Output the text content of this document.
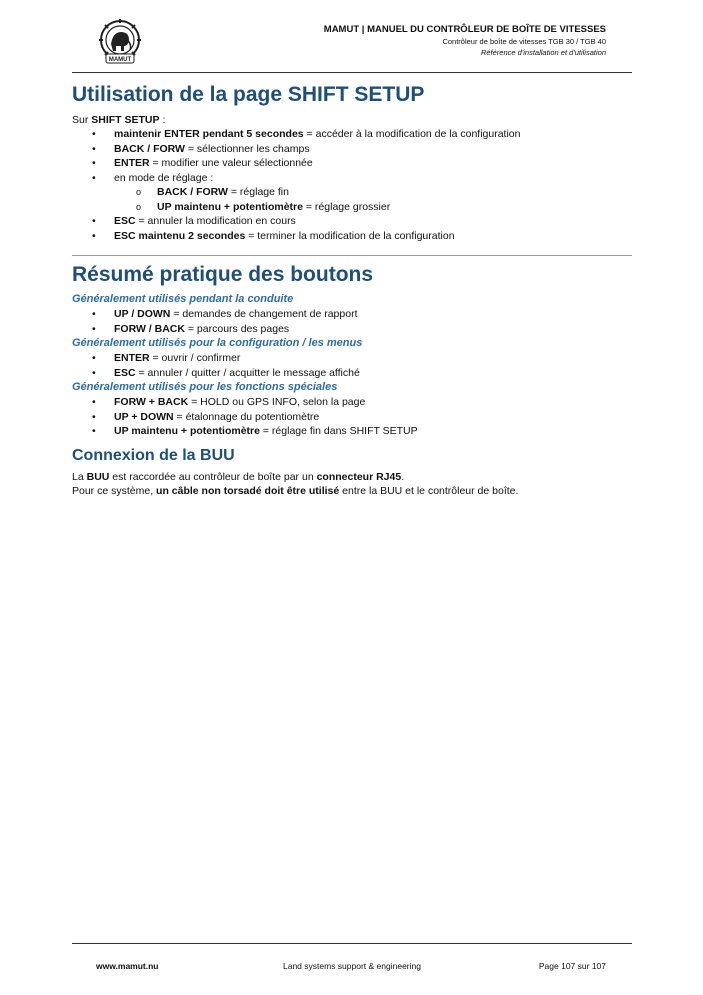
MAMUT
MAMUT | MANUEL DU CONTRÔLEUR DE BOÎTE DE VITESSES
Contrôleur de boîte de vitesses TGB 30 / TGB 40
Référence d'installation et d'utilisation
Utilisation de la page SHIFT SETUP

Sur SHIFT SETUP :

• maintenir ENTER pendant 5 secondes = accéder à la modification de la configuration
• BACK / FORW = sélectionner les champs
• ENTER = modifier une valeur sélectionnée
• en mode de réglage :
o BACK / FORW = réglage fin
o UP maintenu + potentiomètre = réglage grossier
• ESC = annuler la modification en cours
• ESC maintenu 2 secondes = terminer la modification de la configuration
Résumé pratique des boutons
Généralement utilisés pendant la conduite
• UP / DOWN = demandes de changement de rapport
• FORW / BACK = parcours des pages
Généralement utilisés pour la configuration / les menus
• ENTER = ouvrir / confirmer
• ESC = annuler / quitter / acquitter le message affiché
Généralement utilisés pour les fonctions spéciales
• FORW + BACK = HOLD ou GPS INFO, selon la page
• UP + DOWN = étalonnage du potentiomètre
• UP maintenu + potentiomètre = réglage fin dans SHIFT SETUP
Connexion de la BUU

La BUU est raccordée au contrôleur de boîte par un connecteur RJ45.

Pour ce système, un câble non torsadé doit être utilisé entre la BUU et le contrôleur de boîte.

www.mamut.nu	Land systems support & engineering	Page 107 sur 107
